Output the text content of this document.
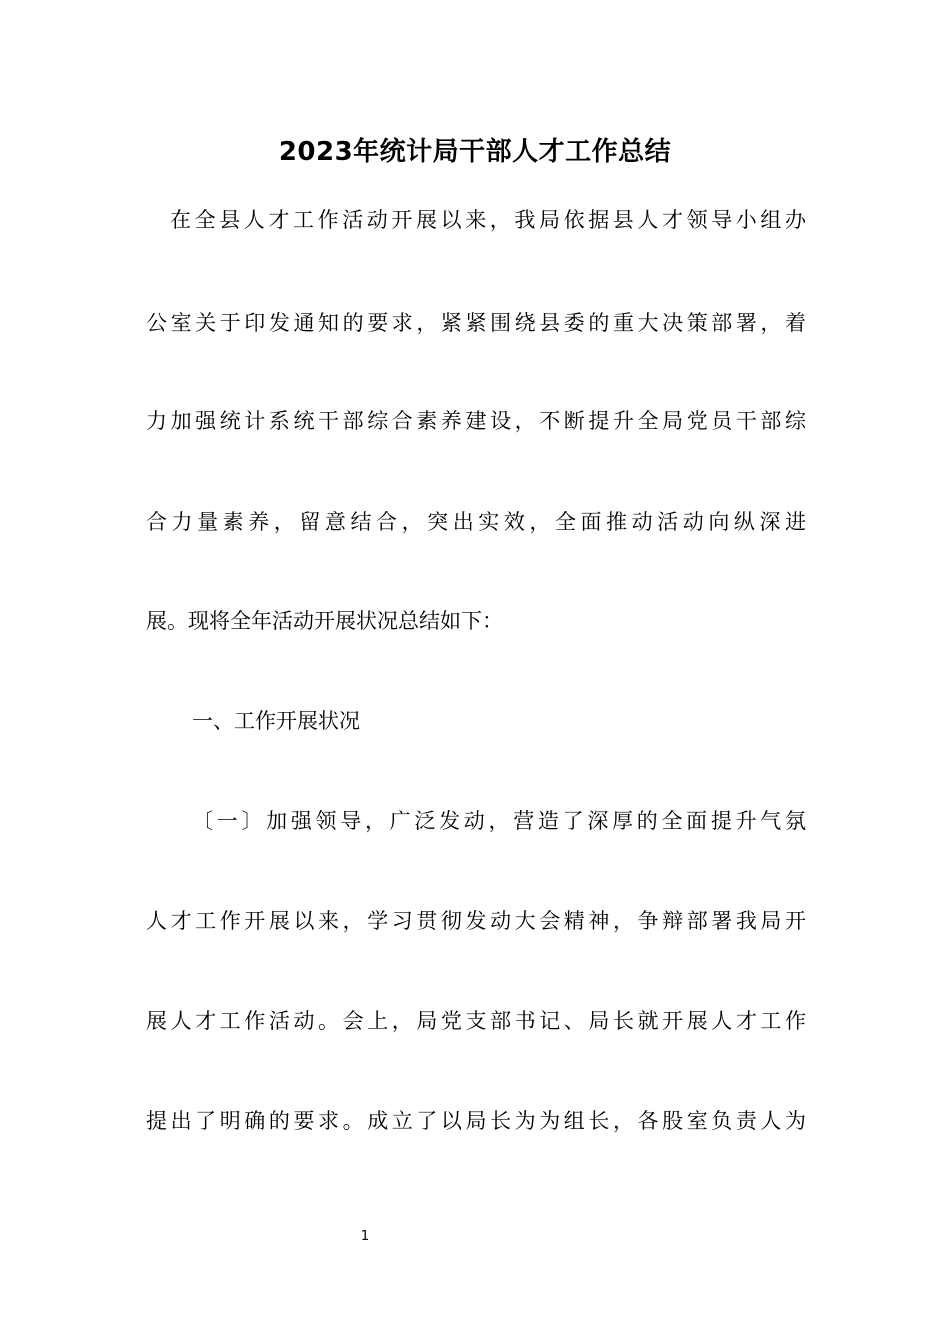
2023年统计局干部人才工作总结
在全县人才工作活动开展以来，我局依据县人才领导小组办
公室关于印发通知的要求，紧紧围绕县委的重大决策部署，着
力加强统计系统干部综合素养建设，不断提升全局党员干部综
合力量素养，留意结合，突出实效，全面推动活动向纵深进
展。现将全年活动开展状况总结如下：
一、工作开展状况
〔一〕加强领导，广泛发动，营造了深厚的全面提升气氛
人才工作开展以来，学习贯彻发动大会精神，争辩部署我局开
展人才工作活动。会上，局党支部书记、局长就开展人才工作
提出了明确的要求。成立了以局长为为组长，各股室负责人为
1
